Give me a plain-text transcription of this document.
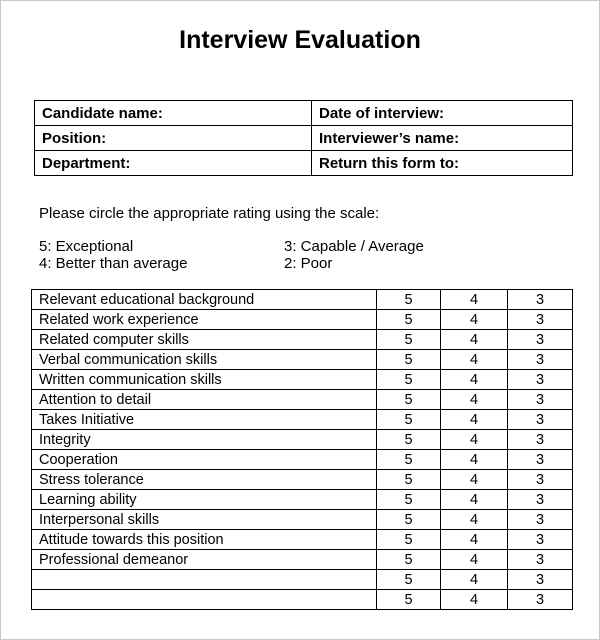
Interview Evaluation
Candidate name:	Date of interview:
Position:	Interviewer’s name:
Department:	Return this form to:
Please circle the appropriate rating using the scale:
5: Exceptional
4: Better than average
3: Capable / Average
2: Poor
Relevant educational background	5	4	3
Related work experience	5	4	3
Related computer skills	5	4	3
Verbal communication skills	5	4	3
Written communication skills	5	4	3
Attention to detail	5	4	3
Takes Initiative	5	4	3
Integrity	5	4	3
Cooperation	5	4	3
Stress tolerance	5	4	3
Learning ability	5	4	3
Interpersonal skills	5	4	3
Attitude towards this position	5	4	3
Professional demeanor	5	4	3
	5	4	3
	5	4	3
